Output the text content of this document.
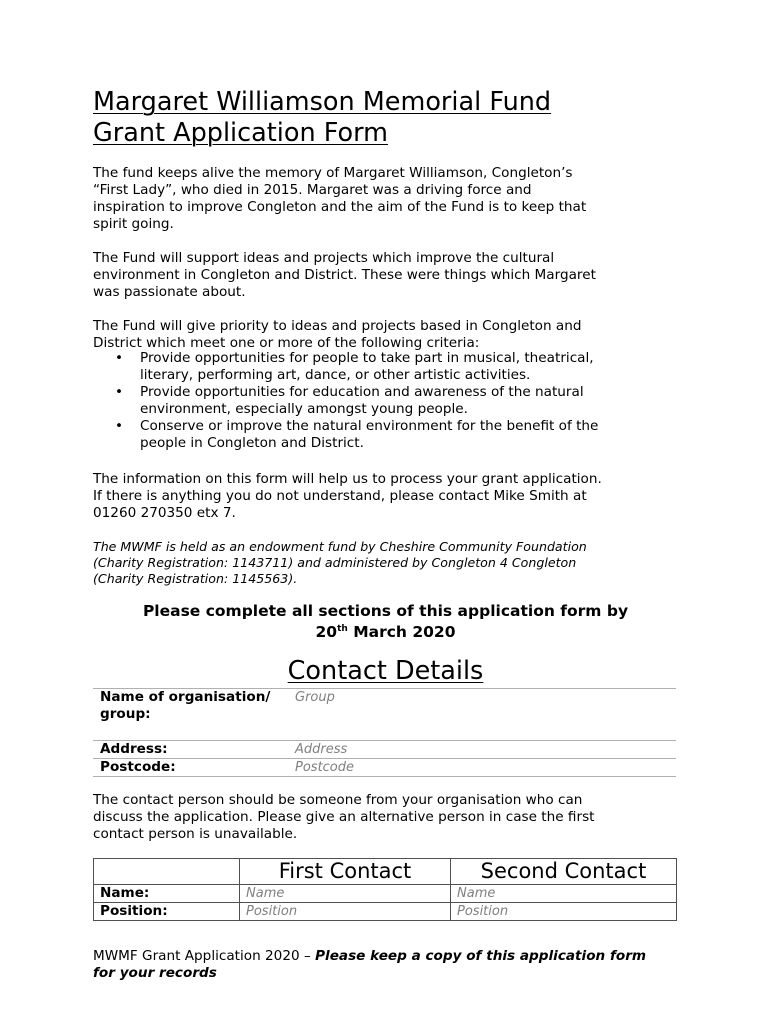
Margaret Williamson Memorial Fund
Grant Application Form
The fund keeps alive the memory of Margaret Williamson, Congleton’s
“First Lady”, who died in 2015. Margaret was a driving force and
inspiration to improve Congleton and the aim of the Fund is to keep that
spirit going.
The Fund will support ideas and projects which improve the cultural
environment in Congleton and District. These were things which Margaret
was passionate about.
The Fund will give priority to ideas and projects based in Congleton and
District which meet one or more of the following criteria:
• Provide opportunities for people to take part in musical, theatrical,
literary, performing art, dance, or other artistic activities.
• Provide opportunities for education and awareness of the natural
environment, especially amongst young people.
• Conserve or improve the natural environment for the benefit of the
people in Congleton and District.
The information on this form will help us to process your grant application.
If there is anything you do not understand, please contact Mike Smith at
01260 270350 etx 7.
The MWMF is held as an endowment fund by Cheshire Community Foundation
(Charity Registration: 1143711) and administered by Congleton 4 Congleton
(Charity Registration: 1145563).
Please complete all sections of this application form by
20th March 2020
Contact Details
Name of organisation/ group:	Group
Address:	Address
Postcode:	Postcode
The contact person should be someone from your organisation who can
discuss the application. Please give an alternative person in case the first
contact person is unavailable.
	First Contact	Second Contact
Name:	Name	Name
Position:	Position	Position
MWMF Grant Application 2020 – Please keep a copy of this application form
for your records
